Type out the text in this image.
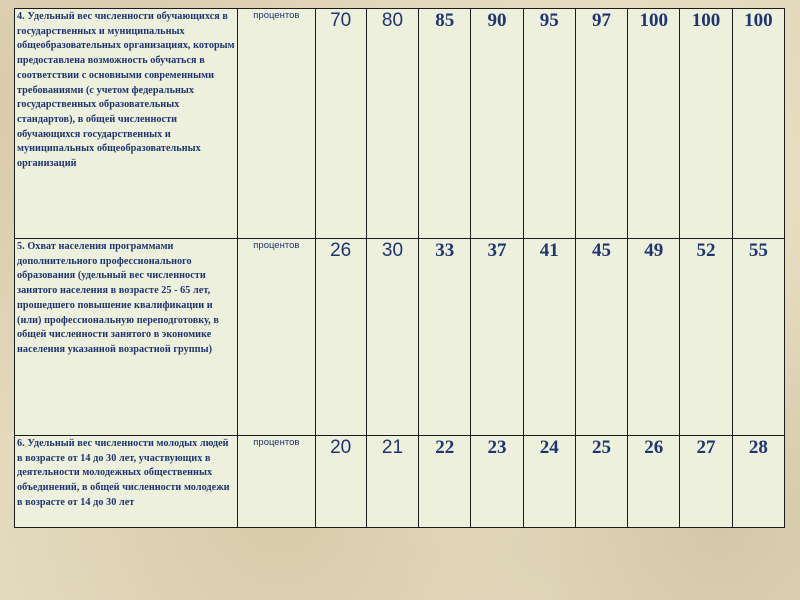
4. Удельный вес численности обучающихся в государственных и муниципальных общеобразовательных организациях, которым предоставлена возможность обучаться в соответствии с основными современными требованиями (с учетом федеральных государственных образовательных стандартов), в общей численности обучающихся государственных и муниципальных общеобразовательных организаций	процентов	70	80	85	90	95	97	100	100	100
5. Охват населения программами дополнительного профессионального образования (удельный вес численности занятого населения в возрасте 25 - 65 лет, прошедшего повышение квалификации и (или) профессиональную переподготовку, в общей численности занятого в экономике населения указанной возрастной группы)	процентов	26	30	33	37	41	45	49	52	55
6. Удельный вес численности молодых людей в возрасте от 14 до 30 лет, участвующих в деятельности молодежных общественных объединений, в общей численности молодежи в возрасте от 14 до 30 лет	процентов	20	21	22	23	24	25	26	27	28
